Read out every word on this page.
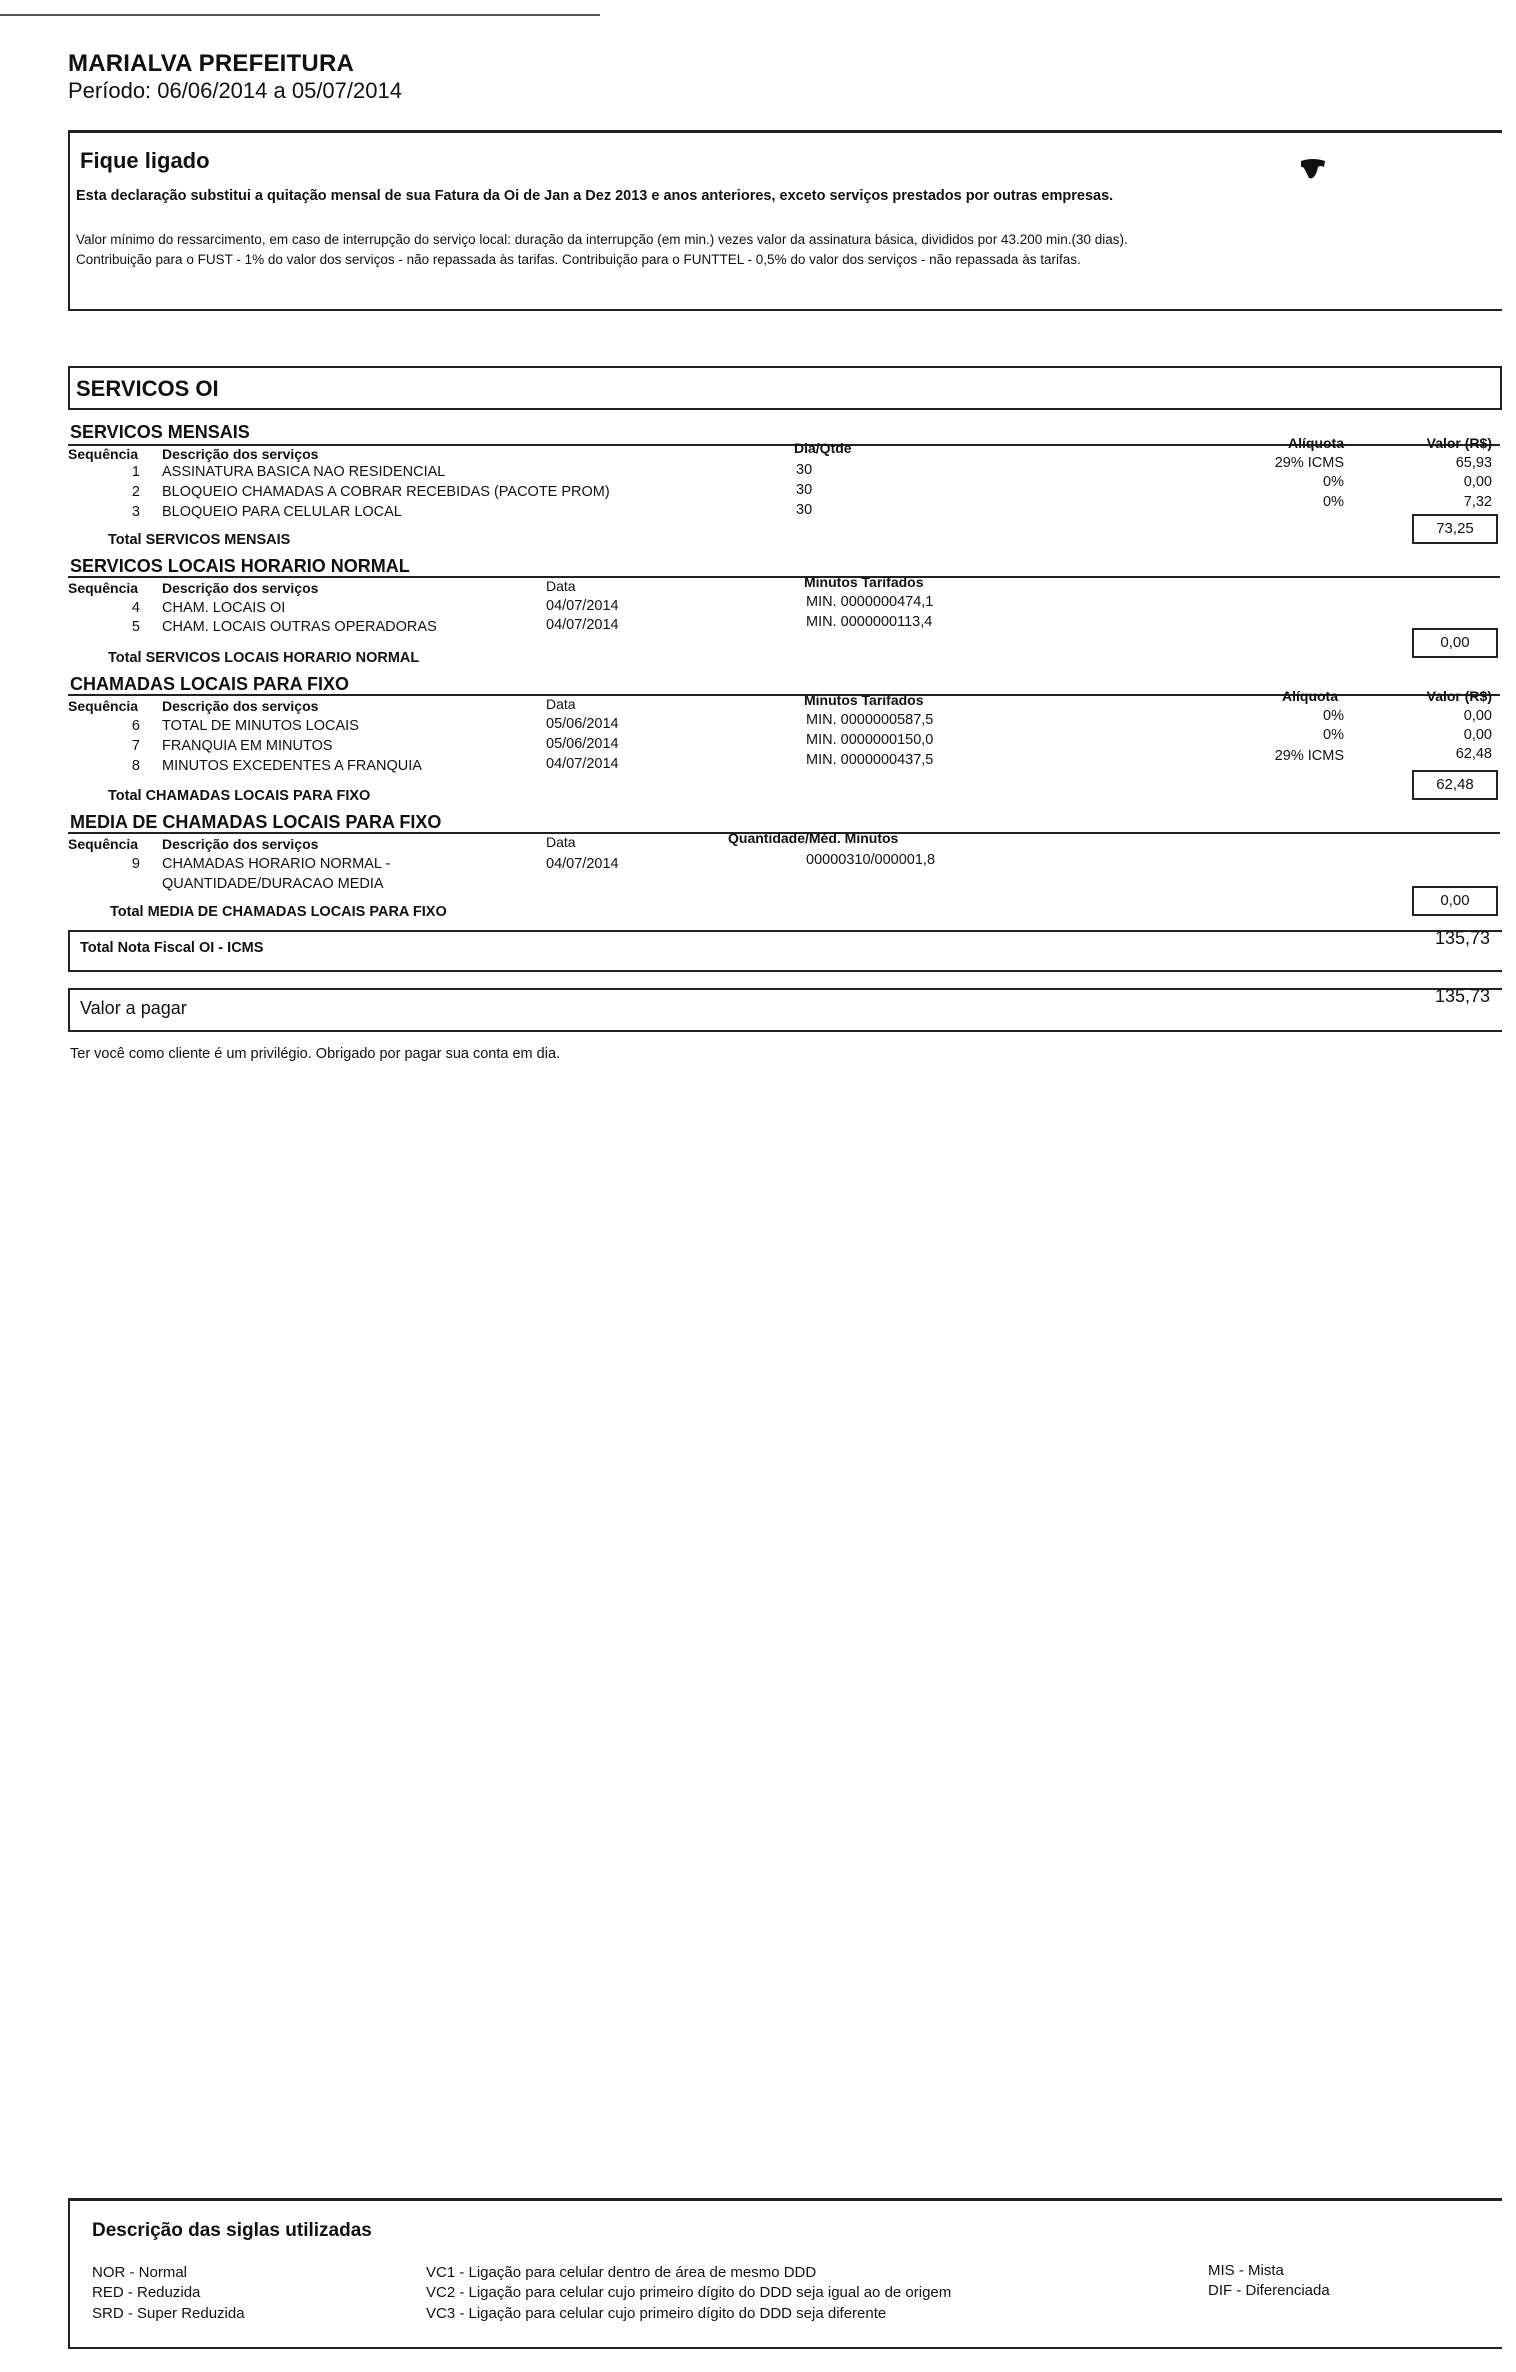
MARIALVA PREFEITURA
Período: 06/06/2014 a 05/07/2014
Fique ligado
Esta declaração substitui a quitação mensal de sua Fatura da Oi de Jan a Dez 2013 e anos anteriores, exceto serviços prestados por outras empresas.
Valor mínimo do ressarcimento, em caso de interrupção do serviço local: duração da interrupção (em min.) vezes valor da assinatura básica, divididos por 43.200 min.(30 dias).
Contribuição para o FUST - 1% do valor dos serviços - não repassada às tarifas. Contribuição para o FUNTTEL - 0,5% do valor dos serviços - não repassada às tarifas.
SERVICOS OI
SERVICOS MENSAIS
Sequência Descrição dos serviços	Dia/Qtde	Alíquota	Valor (R$)
1 ASSINATURA BASICA NAO RESIDENCIAL	30	29% ICMS	65,93
2 BLOQUEIO CHAMADAS A COBRAR RECEBIDAS (PACOTE PROM)	30	0%	0,00
3 BLOQUEIO PARA CELULAR LOCAL	30	0%	7,32
Total SERVICOS MENSAIS
73,25
SERVICOS LOCAIS HORARIO NORMAL
Sequência Descrição dos serviços	Data	Minutos Tarifados
4 CHAM. LOCAIS OI	04/07/2014	MIN. 0000000474,1
5 CHAM. LOCAIS OUTRAS OPERADORAS	04/07/2014	MIN. 0000000113,4
Total SERVICOS LOCAIS HORARIO NORMAL
0,00
CHAMADAS LOCAIS PARA FIXO
Sequência Descrição dos serviços	Data	Minutos Tarifados	Alíquota	Valor (R$)
6 TOTAL DE MINUTOS LOCAIS	05/06/2014	MIN. 0000000587,5	0%	0,00
7 FRANQUIA EM MINUTOS	05/06/2014	MIN. 0000000150,0	0%	0,00
8 MINUTOS EXCEDENTES A FRANQUIA	04/07/2014	MIN. 0000000437,5	29% ICMS	62,48
Total CHAMADAS LOCAIS PARA FIXO
62,48
MEDIA DE CHAMADAS LOCAIS PARA FIXO
Sequência Descrição dos serviços	Data	Quantidade/Méd. Minutos
9 CHAMADAS HORARIO NORMAL -
QUANTIDADE/DURACAO MEDIA
04/07/2014	00000310/000001,8
Total MEDIA DE CHAMADAS LOCAIS PARA FIXO
0,00
Total Nota Fiscal OI - ICMS	135,73
Valor a pagar
135,73
Ter você como cliente é um privilégio. Obrigado por pagar sua conta em dia.
Descrição das siglas utilizadas
NOR - Normal
RED - Reduzida
SRD - Super Reduzida
VC1 - Ligação para celular dentro de área de mesmo DDD
VC2 - Ligação para celular cujo primeiro dígito do DDD seja igual ao de origem
VC3 - Ligação para celular cujo primeiro dígito do DDD seja diferente
MIS - Mista
DIF - Diferenciada
